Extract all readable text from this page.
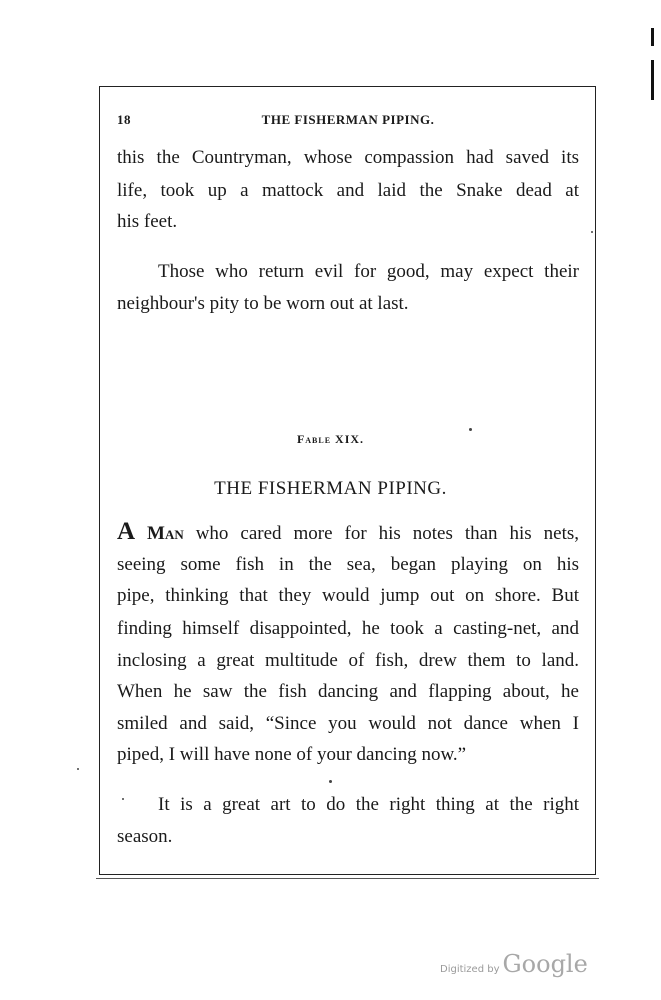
18	THE FISHERMAN PIPING.
this the Countryman, whose compassion had saved its
life, took up a mattock and laid the Snake dead at
his feet.
Those who return evil for good, may expect their
neighbour's pity to be worn out at last.
Fable XIX.
THE FISHERMAN PIPING.
A Man who cared more for his notes than his nets,
seeing some fish in the sea, began playing on his
pipe, thinking that they would jump out on shore. But
finding himself disappointed, he took a casting-net, and
inclosing a great multitude of fish, drew them to land.
When he saw the fish dancing and flapping about, he
smiled and said, “Since you would not dance when I
piped, I will have none of your dancing now.”
It is a great art to do the right thing at the right
season.
Digitized by Google
